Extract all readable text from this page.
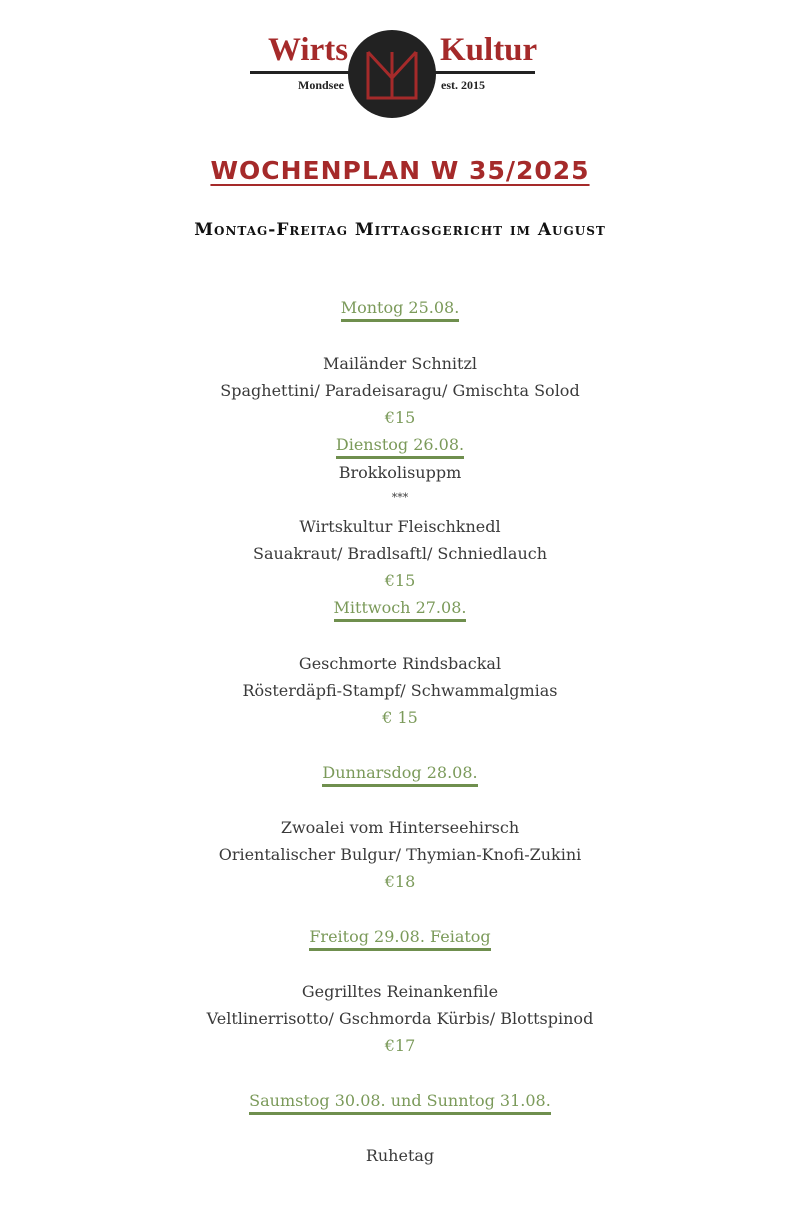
Wirts	Kultur
Mondsee	est. 2015
WOCHENPLAN W 35/2025
Montag-Freitag Mittagsgericht im August
Montog 25.08.
Mailänder Schnitzl
Spaghettini/ Paradeisaragu/ Gmischta Solod
€15
Dienstog 26.08.
Brokkolisuppm
***
Wirtskultur Fleischknedl
Sauakraut/ Bradlsaftl/ Schniedlauch
€15
Mittwoch 27.08.
Geschmorte Rindsbackal
Rösterdäpfi-Stampf/ Schwammalgmias
€ 15
Dunnarsdog 28.08.
Zwoalei vom Hinterseehirsch
Orientalischer Bulgur/ Thymian-Knofi-Zukini
€18
Freitog 29.08. Feiatog
Gegrilltes Reinankenfile
Veltlinerrisotto/ Gschmorda Kürbis/ Blottspinod
€17
Saumstog 30.08. und Sunntog 31.08.
Ruhetag
